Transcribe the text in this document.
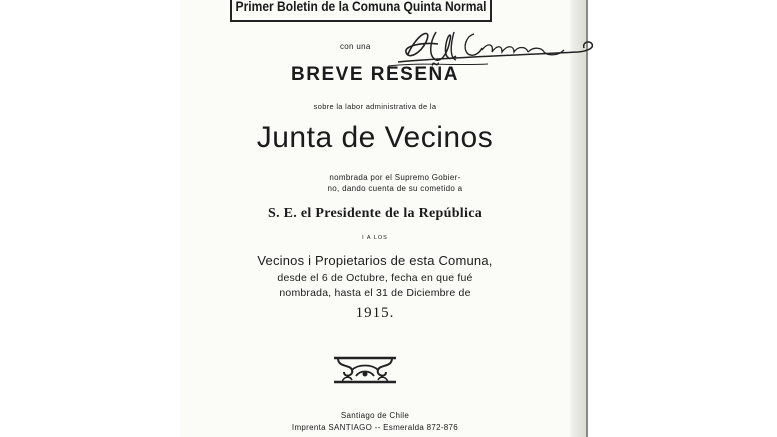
Primer Boletin de la Comuna Quinta Normal
con una
BREVE RESEÑA
sobre la labor administrativa de la
Junta de Vecinos
nombrada por el Supremo Gobier-
no, dando cuenta de su cometido a
S. E. el Presidente de la República
I A LOS
Vecinos i Propietarios de esta Comuna,
desde el 6 de Octubre, fecha en que fué
nombrada, hasta el 31 de Diciembre de
1915.
Santiago de Chile
Imprenta SANTIAGO -- Esmeralda 872-876
